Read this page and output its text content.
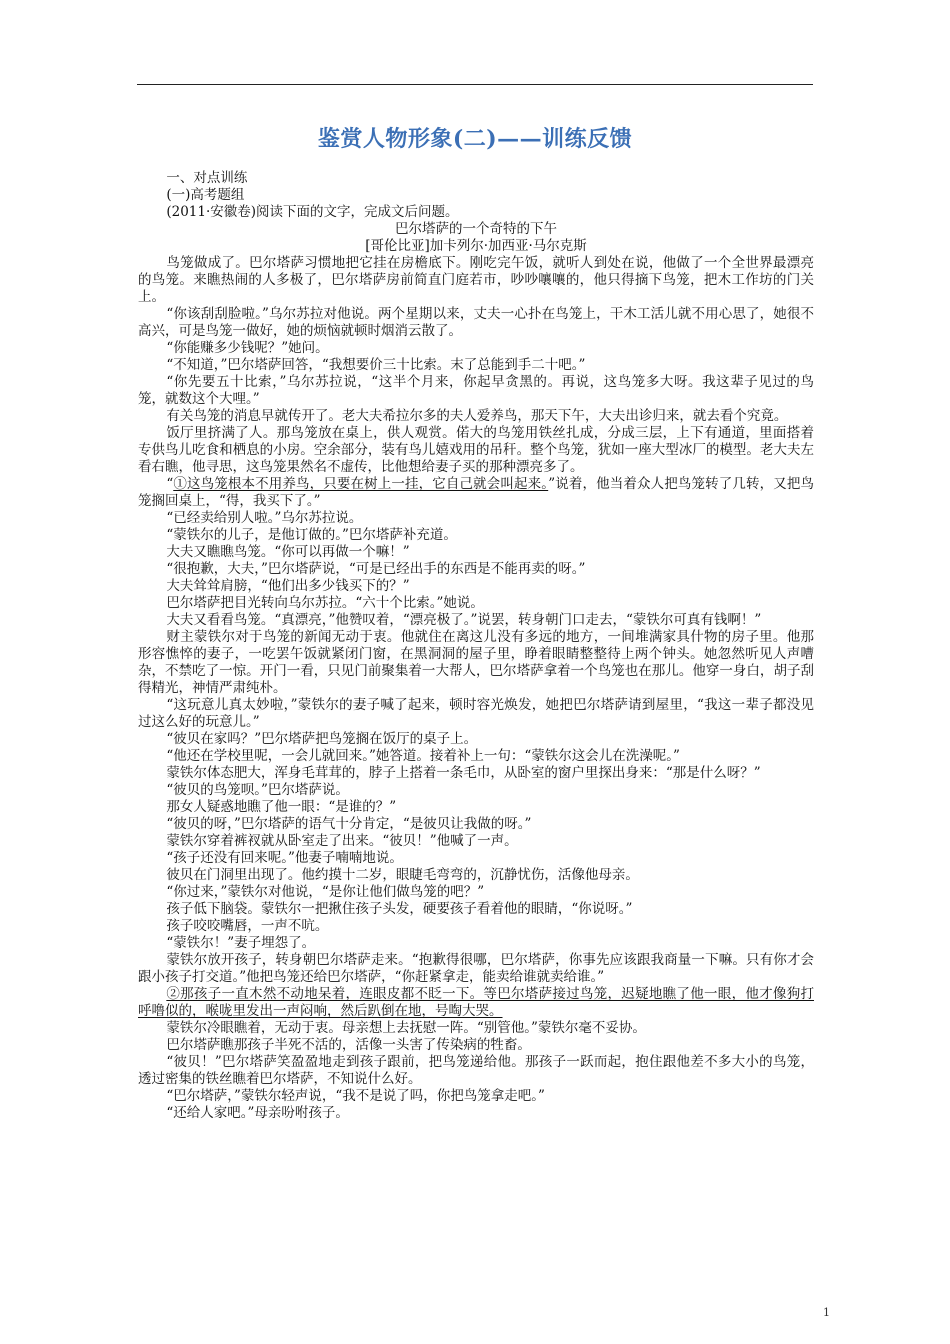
鉴赏人物形象(二)——训练反馈

一、对点训练

(一)高考题组

(2011·安徽卷)阅读下面的文字，完成文后问题。

巴尔塔萨的一个奇特的下午

[哥伦比亚]加卡列尔·加西亚·马尔克斯

鸟笼做成了。巴尔塔萨习惯地把它挂在房檐底下。刚吃完午饭，就听人到处在说，他做了一个全世界最漂亮的鸟笼。来瞧热闹的人多极了，巴尔塔萨房前简直门庭若市，吵吵嚷嚷的，他只得摘下鸟笼，把木工作坊的门关上。

“你该刮刮脸啦。”乌尔苏拉对他说。两个星期以来，丈夫一心扑在鸟笼上，干木工活儿就不用心思了，她很不高兴，可是鸟笼一做好，她的烦恼就顿时烟消云散了。

“你能赚多少钱呢？”她问。

“不知道，”巴尔塔萨回答，“我想要价三十比索。末了总能到手二十吧。”

“你先要五十比索，”乌尔苏拉说，“这半个月来，你起早贪黑的。再说，这鸟笼多大呀。我这辈子见过的鸟笼，就数这个大哩。”

有关鸟笼的消息早就传开了。老大夫希拉尔多的夫人爱养鸟，那天下午，大夫出诊归来，就去看个究竟。

饭厅里挤满了人。那鸟笼放在桌上，供人观赏。偌大的鸟笼用铁丝扎成，分成三层，上下有通道，里面搭着专供鸟儿吃食和栖息的小房。空余部分，装有鸟儿嬉戏用的吊秆。整个鸟笼，犹如一座大型冰厂的模型。老大夫左看右瞧，他寻思，这鸟笼果然名不虚传，比他想给妻子买的那种漂亮多了。

“①这鸟笼根本不用养鸟，只要在树上一挂，它自己就会叫起来。”说着，他当着众人把鸟笼转了几转，又把鸟笼搁回桌上，“得，我买下了。”

“已经卖给别人啦。”乌尔苏拉说。

“蒙铁尔的儿子，是他订做的。”巴尔塔萨补充道。

大夫又瞧瞧鸟笼。“你可以再做一个嘛！”

“很抱歉，大夫，”巴尔塔萨说，“可是已经出手的东西是不能再卖的呀。”

大夫耸耸肩膀，“他们出多少钱买下的？”

巴尔塔萨把目光转向乌尔苏拉。“六十个比索。”她说。

大夫又看看鸟笼。“真漂亮，”他赞叹着，“漂亮极了。”说罢，转身朝门口走去，“蒙铁尔可真有钱啊！”

财主蒙铁尔对于鸟笼的新闻无动于衷。他就住在离这儿没有多远的地方，一间堆满家具什物的房子里。他那形容憔悴的妻子，一吃罢午饭就紧闭门窗，在黑洞洞的屋子里，睁着眼睛整整待上两个钟头。她忽然听见人声嘈杂，不禁吃了一惊。开门一看，只见门前聚集着一大帮人，巴尔塔萨拿着一个鸟笼也在那儿。他穿一身白，胡子刮得精光，神情严肃纯朴。

“这玩意儿真太妙啦，”蒙铁尔的妻子喊了起来，顿时容光焕发，她把巴尔塔萨请到屋里，“我这一辈子都没见过这么好的玩意儿。”

“彼贝在家吗？”巴尔塔萨把鸟笼搁在饭厅的桌子上。

“他还在学校里呢，一会儿就回来。”她答道。接着补上一句：“蒙铁尔这会儿在洗澡呢。”

蒙铁尔体态肥大，浑身毛茸茸的，脖子上搭着一条毛巾，从卧室的窗户里探出身来：“那是什么呀？”

“彼贝的鸟笼呗。”巴尔塔萨说。

那女人疑惑地瞧了他一眼：“是谁的？”

“彼贝的呀，”巴尔塔萨的语气十分肯定，“是彼贝让我做的呀。”

蒙铁尔穿着裤衩就从卧室走了出来。“彼贝！”他喊了一声。

“孩子还没有回来呢。”他妻子喃喃地说。

彼贝在门洞里出现了。他约摸十二岁，眼睫毛弯弯的，沉静忧伤，活像他母亲。

“你过来，”蒙铁尔对他说，“是你让他们做鸟笼的吧？”

孩子低下脑袋。蒙铁尔一把揪住孩子头发，硬要孩子看着他的眼睛，“你说呀。”

孩子咬咬嘴唇，一声不吭。

“蒙铁尔！”妻子埋怨了。

蒙铁尔放开孩子，转身朝巴尔塔萨走来。“抱歉得很哪，巴尔塔萨，你事先应该跟我商量一下嘛。只有你才会跟小孩子打交道。”他把鸟笼还给巴尔塔萨，“你赶紧拿走，能卖给谁就卖给谁。”

②那孩子一直木然不动地呆着，连眼皮都不眨一下。等巴尔塔萨接过鸟笼，迟疑地瞧了他一眼，他才像狗打呼噜似的，喉咙里发出一声闷响，然后趴倒在地，号啕大哭。

蒙铁尔冷眼瞧着，无动于衷。母亲想上去抚慰一阵。“别管他。”蒙铁尔毫不妥协。

巴尔塔萨瞧那孩子半死不活的，活像一头害了传染病的牲畜。

“彼贝！”巴尔塔萨笑盈盈地走到孩子跟前，把鸟笼递给他。那孩子一跃而起，抱住跟他差不多大小的鸟笼，透过密集的铁丝瞧着巴尔塔萨，不知说什么好。

“巴尔塔萨，”蒙铁尔轻声说，“我不是说了吗，你把鸟笼拿走吧。”

“还给人家吧。”母亲吩咐孩子。

1
